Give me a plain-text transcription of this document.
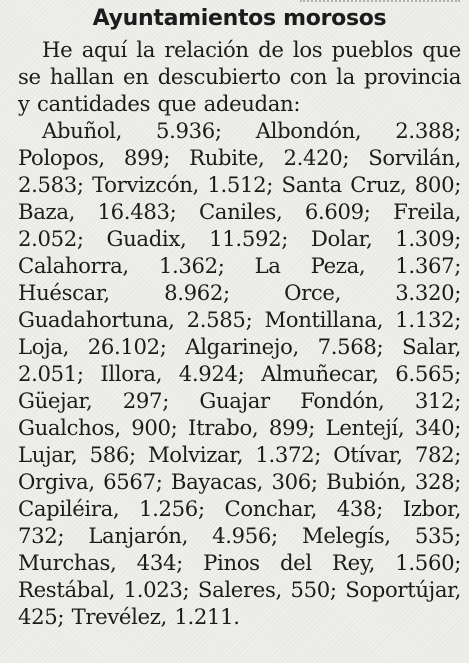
Ayuntamientos morosos

He aquí la relación de los pueblos que se hallan en descubierto con la provincia y cantidades que adeudan:

Abuñol, 5.936; Albondón, 2.388; Polopos, 899; Rubite, 2.420; Sorvilán, 2.583; Torvizcón, 1.512; Santa Cruz, 800; Baza, 16.483; Caniles, 6.609; Freila, 2.052; Guadix, 11.592; Dolar, 1.309; Calahorra, 1.362; La Peza, 1.367; Huéscar, 8.962; Orce, 3.320; Guadahortuna, 2.585; Montillana, 1.132; Loja, 26.102; Algarinejo, 7.568; Salar, 2.051; Illora, 4.924; Almuñecar, 6.565; Güejar, 297; Guajar Fondón, 312; Gualchos, 900; Itrabo, 899; Lentejí, 340; Lujar, 586; Molvizar, 1.372; Otívar, 782; Orgiva, 6567; Bayacas, 306; Bubión, 328; Capiléira, 1.256; Conchar, 438; Izbor, 732; Lanjarón, 4.956; Melegís, 535; Murchas, 434; Pinos del Rey, 1.560; Restábal, 1.023; Saleres, 550; Soportújar, 425; Trevélez, 1.211.
